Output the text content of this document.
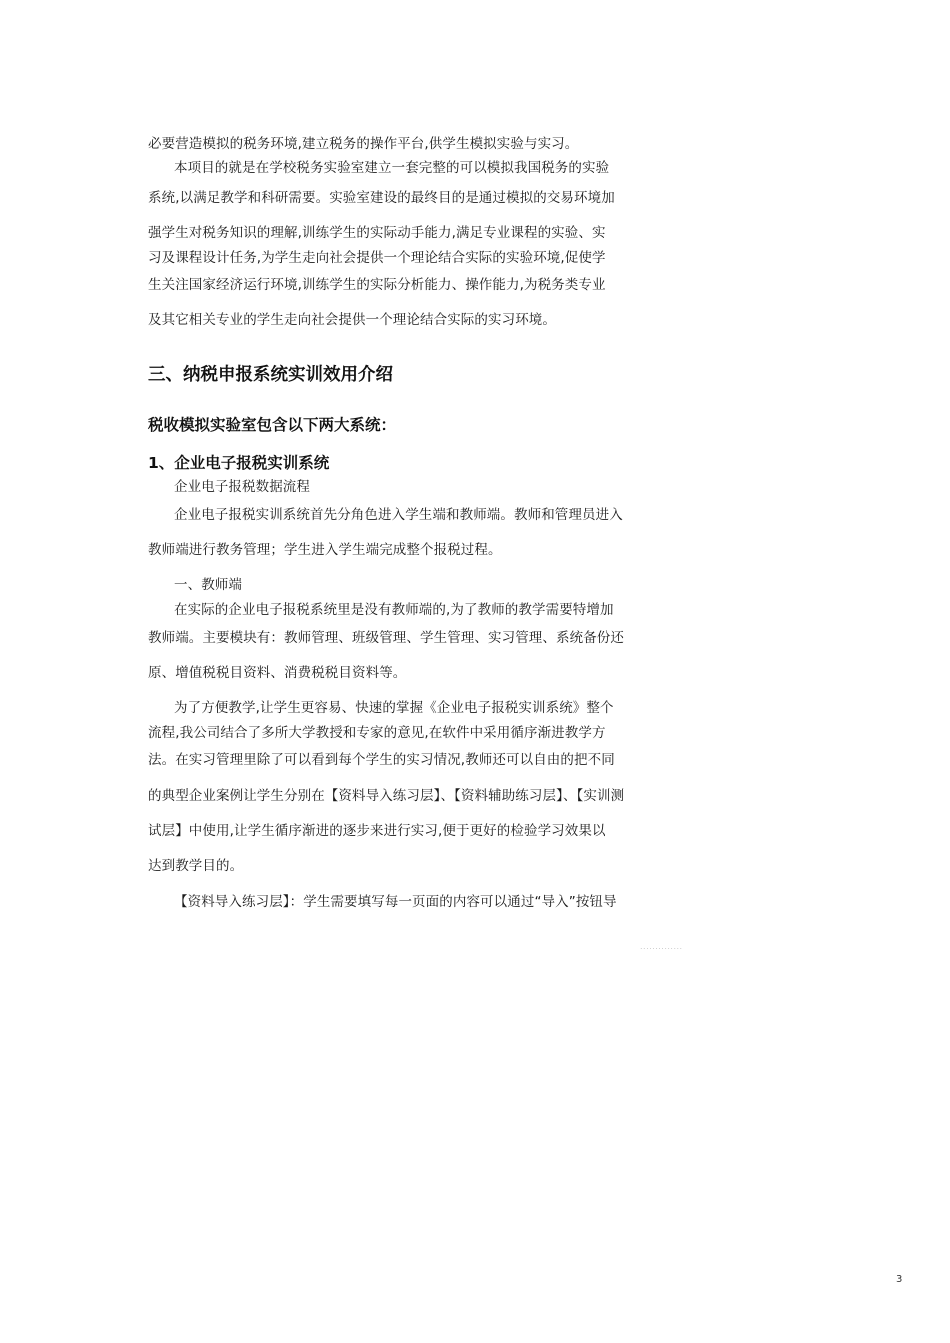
必要营造模拟的税务环境,建立税务的操作平台,供学生模拟实验与实习。
本项目的就是在学校税务实验室建立一套完整的可以模拟我国税务的实验
系统,以满足教学和科研需要。实验室建设的最终目的是通过模拟的交易环境加
强学生对税务知识的理解,训练学生的实际动手能力,满足专业课程的实验、实
习及课程设计任务,为学生走向社会提供一个理论结合实际的实验环境,促使学
生关注国家经济运行环境,训练学生的实际分析能力、操作能力,为税务类专业
及其它相关专业的学生走向社会提供一个理论结合实际的实习环境。
三、纳税申报系统实训效用介绍
税收模拟实验室包含以下两大系统：
1、企业电子报税实训系统
企业电子报税数据流程
企业电子报税实训系统首先分角色进入学生端和教师端。教师和管理员进入
教师端进行教务管理；学生进入学生端完成整个报税过程。
一、教师端
在实际的企业电子报税系统里是没有教师端的,为了教师的教学需要特增加
教师端。主要模块有：教师管理、班级管理、学生管理、实习管理、系统备份还
原、增值税税目资料、消费税税目资料等。
为了方便教学,让学生更容易、快速的掌握《企业电子报税实训系统》整个
流程,我公司结合了多所大学教授和专家的意见,在软件中采用循序渐进教学方
法。在实习管理里除了可以看到每个学生的实习情况,教师还可以自由的把不同
的典型企业案例让学生分别在【资料导入练习层】、【资料辅助练习层】、【实训测
试层】中使用,让学生循序渐进的逐步来进行实习,便于更好的检验学习效果以
达到教学目的。
【资料导入练习层】：学生需要填写每一页面的内容可以通过“导入”按钮导
..............
3
